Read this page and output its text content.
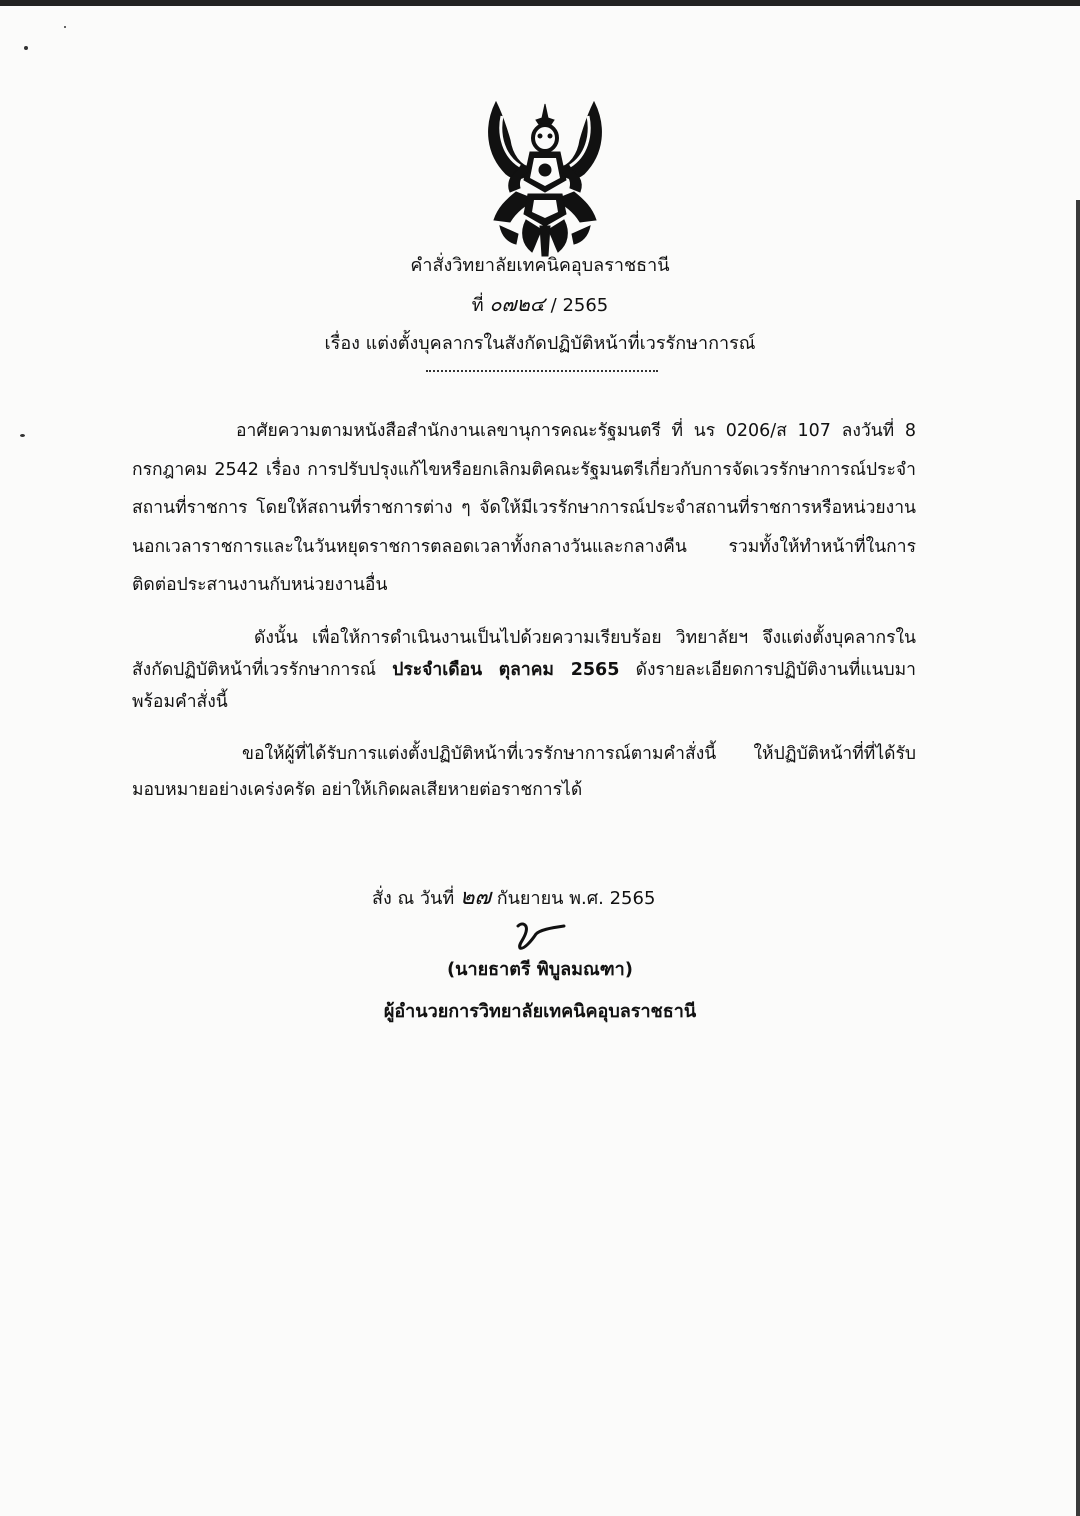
คำสั่งวิทยาลัยเทคนิคอุบลราชธานี
ที่ ๐๗๒๔ / 2565
เรื่อง แต่งตั้งบุคลากรในสังกัดปฏิบัติหน้าที่เวรรักษาการณ์
อาศัยความตามหนังสือสำนักงานเลขานุการคณะรัฐมนตรี ที่ นร 0206/ส 107 ลงวันที่ 8 กรกฎาคม 2542 เรื่อง การปรับปรุงแก้ไขหรือยกเลิกมติคณะรัฐมนตรีเกี่ยวกับการจัดเวรรักษาการณ์ประจำสถานที่ราชการ โดยให้สถานที่ราชการต่าง ๆ จัดให้มีเวรรักษาการณ์ประจำสถานที่ราชการหรือหน่วยงานนอกเวลาราชการและในวันหยุดราชการตลอดเวลาทั้งกลางวันและกลางคืน รวมทั้งให้ทำหน้าที่ในการติดต่อประสานงานกับหน่วยงานอื่น
ดังนั้น เพื่อให้การดำเนินงานเป็นไปด้วยความเรียบร้อย วิทยาลัยฯ จึงแต่งตั้งบุคลากรในสังกัดปฏิบัติหน้าที่เวรรักษาการณ์ ประจำเดือน ตุลาคม 2565 ดังรายละเอียดการปฏิบัติงานที่แนบมาพร้อมคำสั่งนี้
ขอให้ผู้ที่ได้รับการแต่งตั้งปฏิบัติหน้าที่เวรรักษาการณ์ตามคำสั่งนี้ ให้ปฏิบัติหน้าที่ที่ได้รับมอบหมายอย่างเคร่งครัด อย่าให้เกิดผลเสียหายต่อราชการได้
สั่ง ณ วันที่ ๒๗ กันยายน พ.ศ. 2565
(นายธาตรี พิบูลมณฑา)
ผู้อำนวยการวิทยาลัยเทคนิคอุบลราชธานี
